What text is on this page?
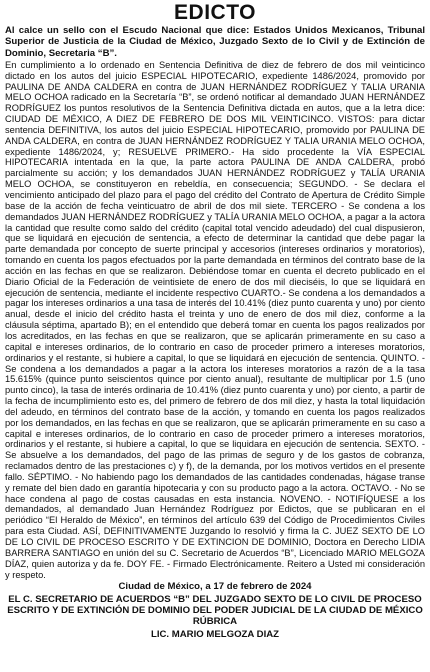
EDICTO

Al calce un sello con el Escudo Nacional que dice: Estados Unidos Mexicanos, Tribunal Superior de Justicia de la Ciudad de México, Juzgado Sexto de lo Civil y de Extinción de Dominio, Secretaria “B”.

En cumplimiento a lo ordenado en Sentencia Definitiva de diez de febrero de dos mil veinticinco dictado en los autos del juicio ESPECIAL HIPOTECARIO, expediente 1486/2024, promovido por PAULINA DE ANDA CALDERA en contra de JUAN HERNÁNDEZ RODRÍGUEZ Y TALIA URANIA MELO OCHOA radicado en la Secretaría “B”, se ordenó notificar al demandado JUAN HERNÁNDEZ RODRÍGUEZ los puntos resolutivos de la Sentencia Definitiva dictada en autos, que a la letra dice: CIUDAD DE MÉXICO, A DIEZ DE FEBRERO DE DOS MIL VEINTICINCO. VISTOS: para dictar sentencia DEFINITIVA, los autos del juicio ESPECIAL HIPOTECARIO, promovido por PAULINA DE ANDA CALDERA, en contra de JUAN HERNÁNDEZ RODRÍGUEZ Y TALIA URANIA MELO OCHOA, expediente 1486/2024, y; RESUELVE PRIMERO.- Ha sido procedente la VÍA ESPECIAL HIPOTECARIA intentada en la que, la parte actora PAULINA DE ANDA CALDERA, probó parcialmente su acción; y los demandados JUAN HERNÁNDEZ RODRÍGUEZ y TALÍA URANIA MELO OCHOA, se constituyeron en rebeldía, en consecuencia; SEGUNDO. - Se declara el vencimiento anticipado del plazo para el pago del crédito del Contrato de Apertura de Crédito Simple base de la acción de fecha veinticuatro de abril de dos mil siete. TERCERO - Se condena a los demandados JUAN HERNÁNDEZ RODRÍGUEZ y TALÍA URANIA MELO OCHOA, a pagar a la actora la cantidad que resulte como saldo del crédito (capital total vencido adeudado) del cual dispusieron, que se liquidará en ejecución de sentencia, a efecto de determinar la cantidad que debe pagar la parte demandada por concepto de suerte principal y accesorios (intereses ordinarios y moratorios), tomando en cuenta los pagos efectuados por la parte demandada en términos del contrato base de la acción en las fechas en que se realizaron. Debiéndose tomar en cuenta el decreto publicado en el Diario Oficial de la Federación de veintisiete de enero de dos mil dieciséis, lo que se liquidará en ejecución de sentencia, mediante el incidente respectivo CUARTO.- Se condena a los demandados a pagar los intereses ordinarios a una tasa de interés del 10.41% (diez punto cuarenta y uno) por ciento anual, desde el inicio del crédito hasta el treinta y uno de enero de dos mil diez, conforme a la cláusula séptima, apartado B); en el entendido que deberá tomar en cuenta los pagos realizados por los acreditados, en las fechas en que se realizaron, que se aplicarán primeramente en su caso a capital e intereses ordinarios, de lo contrario en caso de proceder primero a intereses moratorios, ordinarios y el restante, si hubiere a capital, lo que se liquidará en ejecución de sentencia. QUINTO. - Se condena a los demandados a pagar a la actora los intereses moratorios a razón de a la tasa 15.615% (quince punto seiscientos quince por ciento anual), resultante de multiplicar por 1.5 (uno punto cinco), la tasa de interés ordinaria de 10.41% (diez punto cuarenta y uno) por ciento, a partir de la fecha de incumplimiento esto es, del primero de febrero de dos mil diez, y hasta la total liquidación del adeudo, en términos del contrato base de la acción, y tomando en cuenta los pagos realizados por los demandados, en las fechas en que se realizaron, que se aplicarán primeramente en su caso a capital e intereses ordinarios, de lo contrario en caso de proceder primero a intereses moratorios, ordinarios y el restante, si hubiere a capital, lo que se liquidara en ejecución de sentencia. SEXTO. - Se absuelve a los demandados, del pago de las primas de seguro y de los gastos de cobranza, reclamados dentro de las prestaciones c) y f), de la demanda, por los motivos vertidos en el presente fallo. SÉPTIMO. - No habiendo pago los demandados de las cantidades condenadas, hágase transe y remate del bien dado en garantía hipotecaria y con su producto pago a la actora. OCTAVO. - No se hace condena al pago de costas causadas en esta instancia. NOVENO. - NOTIFÍQUESE a los demandados, al demandado Juan Hernández Rodríguez por Edictos, que se publicaran en el periódico “El Heraldo de México”, en términos del artículo 639 del Código de Procedimientos Civiles para esta Ciudad. ASÍ, DEFINITIVAMENTE Juzgando lo resolvió y firma la C. JUEZ SEXTO DE LO DE LO CIVIL DE PROCESO ESCRITO Y DE EXTINCION DE DOMINIO, Doctora en Derecho LIDIA BARRERA SANTIAGO en unión del su C. Secretario de Acuerdos “B”, Licenciado MARIO MELGOZA DÍAZ, quien autoriza y da fe. DOY FE. - Firmado Electrónicamente. Reitero a Usted mi consideración y respeto.

Ciudad de México, a 17 de febrero de 2024

EL C. SECRETARIO DE ACUERDOS “B” DEL JUZGADO SEXTO DE LO CIVIL DE PROCESO ESCRITO Y DE EXTINCIÓN DE DOMINIO DEL PODER JUDICIAL DE LA CIUDAD DE MÉXICO RÚBRICA

LIC. MARIO MELGOZA DIAZ
